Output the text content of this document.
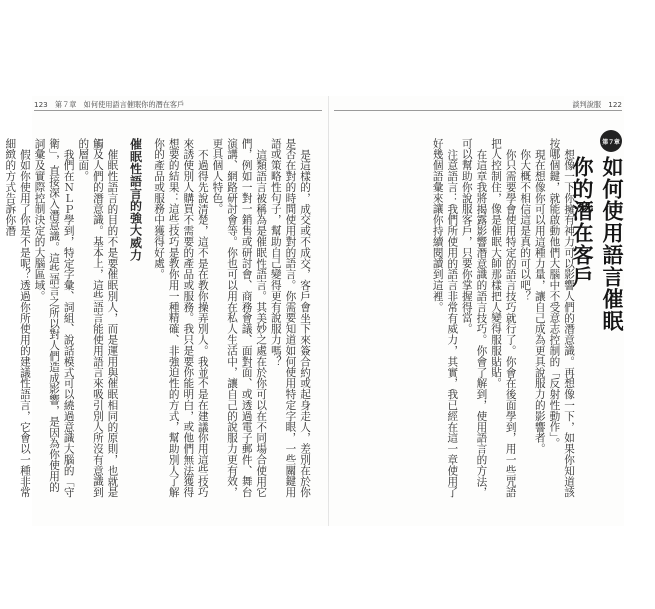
123　第７章　如何使用語言催眠你的潛在客戶	談判說服　122
第７章
如何使用語言催眠你的潛在客戶

想像一下你擁有神力可以影響人們的潛意識。再想像一下，如果你知道該按哪個鍵，就能啟動他們大腦中不受意志控制的「反射性動作」。

現在想像你可以用這種力量，讓自己成為更具說服力的影響者。

你大概不相信這是真的可以吧？

你只需要學會使用特定的語言技巧就行了。你會在後面學到，用一些咒語把人控制住，像是催眠大師那樣把人變得服服貼貼。

在這章我將揭露影響潛意識的語言技巧。你會了解到，使用語言的方法，可以幫助你說服客戶，只要你掌握得當。

注意語言：我們所使用的語言非常有威力，其實，我已經在這一章使用了好幾個語彙來讓你持續閱讀到這裡。

是這樣的，成交或不成交，客戶會坐下來簽合約或起身走人，差別在於你是否在對的時間使用對的語言。你需要知道如何使用特定字眼，一些關鍵用語或策略性句子，幫助自己變得更有說服力嗎？

這類語言被稱為是催眠性語言。其美妙之處在於你可以在不同場合使用它們，例如一對一銷售或研討會、商務會議、面對面、或透過電子郵件、舞台演講、網路研討會等。你也可以用在私人生活中，讓自己的說服力更有效，更具個人特色。

不過得先說清楚，這不是在教你操弄別人。我並不是在建議你用這些技巧來誘使別人購買不需要的產品或服務。我只是要你能明白，或他們無法獲得想要的結果：這些技巧是教你用一種精確、非強迫性的方式，幫助別人了解你的產品或服務中獲得好處。

催眠性語言的強大威力

催眠性語言的目的不是要催眠別人，而是運用與催眠相同的原則，也就是觸及人們的潛意識。基本上，這些語言能使用語言來吸引別人所沒有意識到的層面。

我們在ＮＬＰ學到，特定字彙、詞組、說話模式可以繞過意識大腦的「守衛」，直接深入潛意識。這些語言之所以對人們造成影響，是因為你使用的詞彙及實際控制決定的大腦區域。

假如你使用了你是不是呢？透過你所使用的建議性語言，它會以一種非常細緻的方式告訴你潛
